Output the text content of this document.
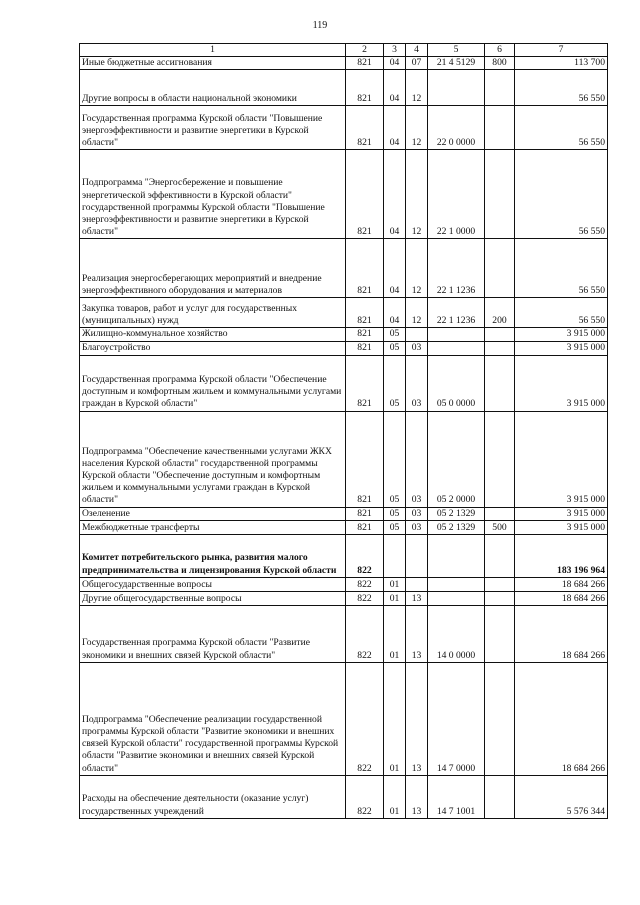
119
1	2	3	4	5	6	7
Иные бюджетные ассигнования	821	04	07	21 4 5129	800	113 700
Другие вопросы в области национальной экономики	821	04	12			56 550
Государственная программа Курской области "Повышение энергоэффективности и развитие энергетики в Курской области"	821	04	12	22 0 0000		56 550
Подпрограмма "Энергосбережение и повышение энергетической эффективности в Курской области" государственной программы Курской области "Повышение энергоэффективности и развитие энергетики в Курской области"	821	04	12	22 1 0000		56 550
Реализация энергосберегающих мероприятий и внедрение энергоэффективного оборудования и материалов	821	04	12	22 1 1236		56 550
Закупка товаров, работ и услуг для государственных (муниципальных) нужд	821	04	12	22 1 1236	200	56 550
Жилищно-коммунальное хозяйство	821	05				3 915 000
Благоустройство	821	05	03			3 915 000
Государственная программа Курской области "Обеспечение доступным и комфортным жильем и коммунальными услугами граждан в Курской области"	821	05	03	05 0 0000		3 915 000
Подпрограмма "Обеспечение качественными услугами ЖКХ населения Курской области" государственной программы Курской области "Обеспечение доступным и комфортным жильем и коммунальными услугами граждан в Курской области"	821	05	03	05 2 0000		3 915 000
Озеленение	821	05	03	05 2 1329		3 915 000
Межбюджетные трансферты	821	05	03	05 2 1329	500	3 915 000
Комитет потребительского рынка, развития малого предпринимательства и лицензирования Курской области	822					183 196 964
Общегосударственные вопросы	822	01				18 684 266
Другие общегосударственные вопросы	822	01	13			18 684 266
Государственная программа Курской области "Развитие экономики и внешних связей Курской области"	822	01	13	14 0 0000		18 684 266
Подпрограмма "Обеспечение реализации государственной программы Курской области "Развитие экономики и внешних связей Курской области" государственной программы Курской области "Развитие экономики и внешних связей Курской области"	822	01	13	14 7 0000		18 684 266
Расходы на обеспечение деятельности (оказание услуг) государственных учреждений	822	01	13	14 7 1001		5 576 344
